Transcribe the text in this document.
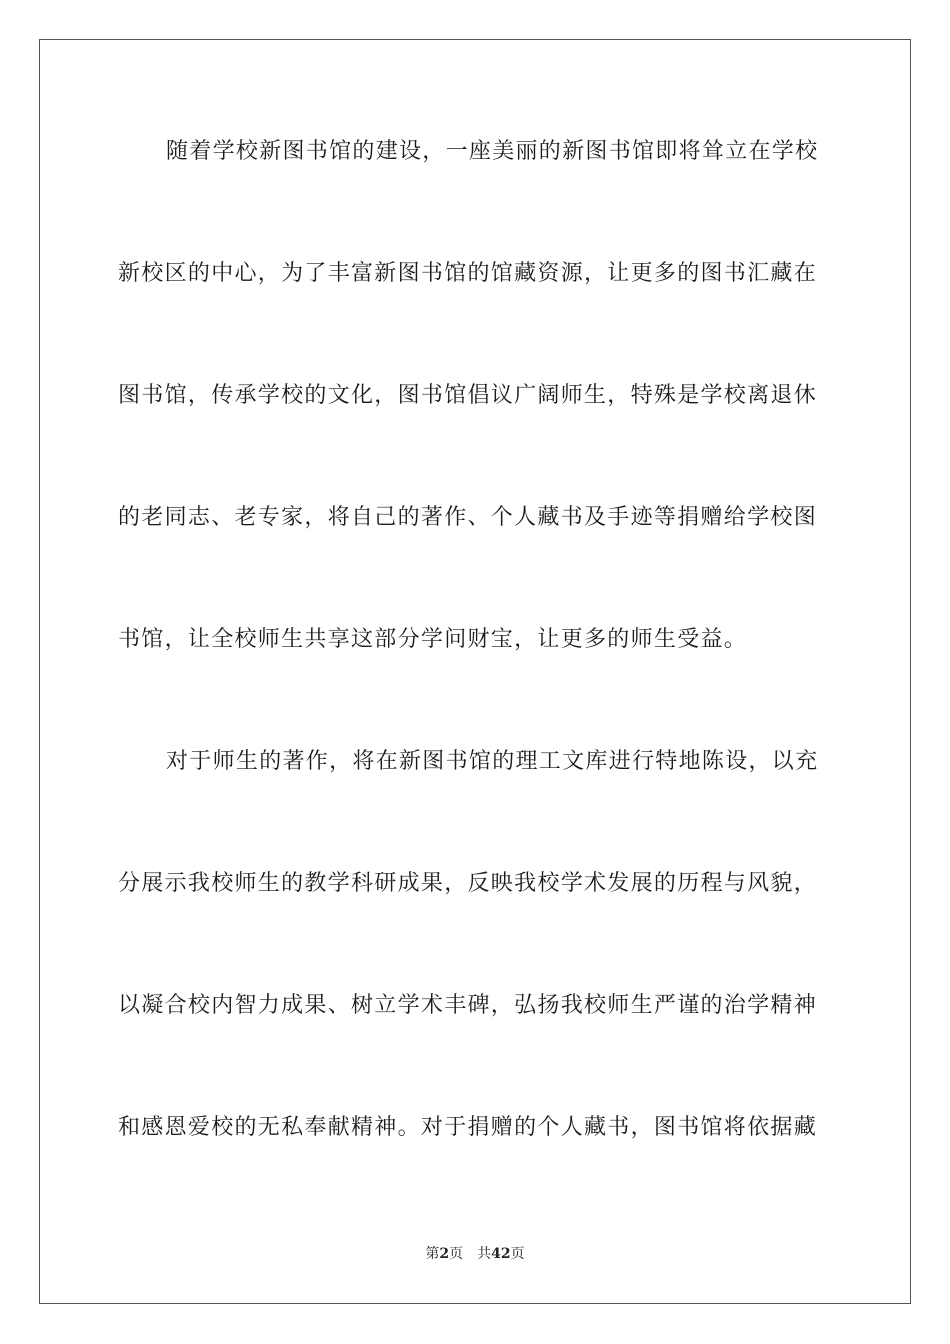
随着学校新图书馆的建设，一座美丽的新图书馆即将耸立在学校
新校区的中心，为了丰富新图书馆的馆藏资源，让更多的图书汇藏在
图书馆，传承学校的文化，图书馆倡议广阔师生，特殊是学校离退休
的老同志、老专家，将自己的著作、个人藏书及手迹等捐赠给学校图
书馆，让全校师生共享这部分学问财宝，让更多的师生受益。
对于师生的著作，将在新图书馆的理工文库进行特地陈设，以充
分展示我校师生的教学科研成果，反映我校学术发展的历程与风貌，
以凝合校内智力成果、树立学术丰碑，弘扬我校师生严谨的治学精神
和感恩爱校的无私奉献精神。对于捐赠的个人藏书，图书馆将依据藏
第2页 共42页
